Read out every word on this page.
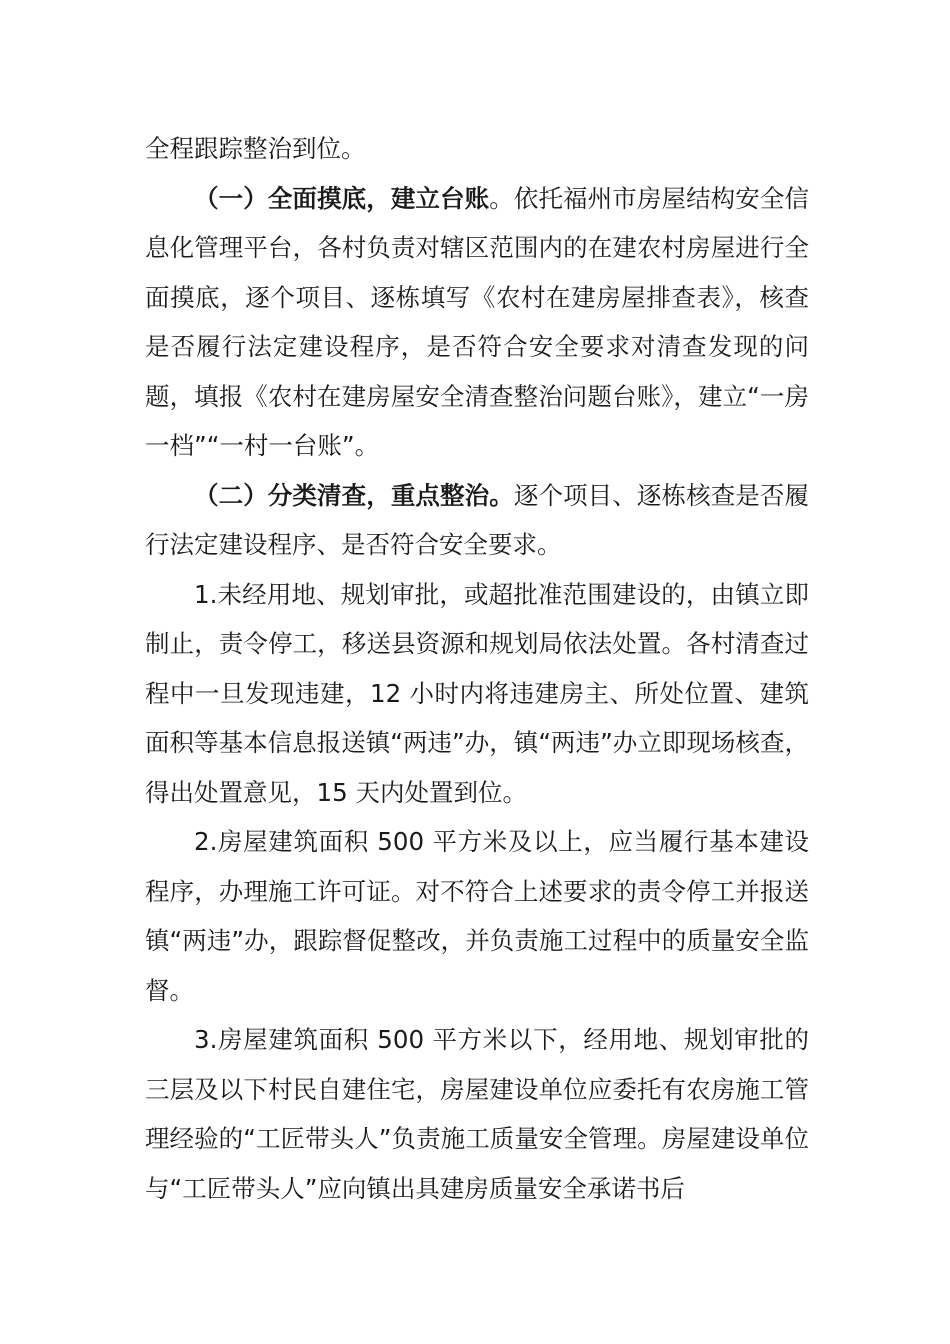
全程跟踪整治到位。

（一）全面摸底，建立台账。依托福州市房屋结构安全信息化管理平台，各村负责对辖区范围内的在建农村房屋进行全面摸底，逐个项目、逐栋填写《农村在建房屋排查表》，核查是否履行法定建设程序，是否符合安全要求对清查发现的问题，填报《农村在建房屋安全清查整治问题台账》，建立“一房一档”“一村一台账”。

（二）分类清查，重点整治。逐个项目、逐栋核查是否履行法定建设程序、是否符合安全要求。

1.未经用地、规划审批，或超批准范围建设的，由镇立即制止，责令停工，移送县资源和规划局依法处置。各村清查过程中一旦发现违建，12 小时内将违建房主、所处位置、建筑面积等基本信息报送镇“两违”办，镇“两违”办立即现场核查，得出处置意见，15 天内处置到位。

2.房屋建筑面积 500 平方米及以上，应当履行基本建设程序，办理施工许可证。对不符合上述要求的责令停工并报送镇“两违”办，跟踪督促整改，并负责施工过程中的质量安全监督。

3.房屋建筑面积 500 平方米以下，经用地、规划审批的三层及以下村民自建住宅，房屋建设单位应委托有农房施工管理经验的“工匠带头人”负责施工质量安全管理。房屋建设单位与“工匠带头人”应向镇出具建房质量安全承诺书后
